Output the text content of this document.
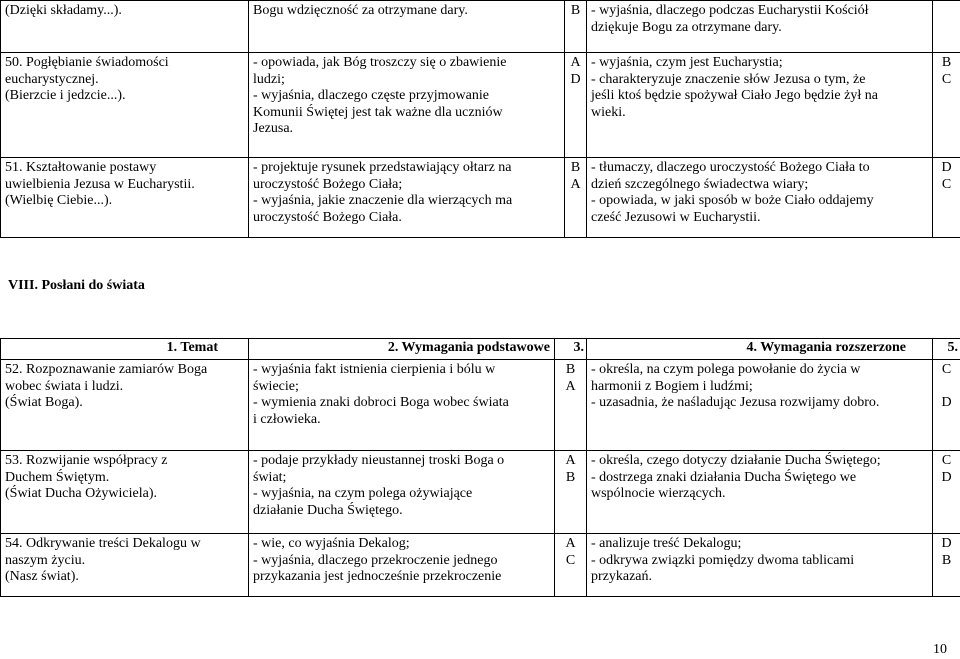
(Dzięki składamy...).	Bogu wdzięczność za otrzymane dary.	B	- wyjaśnia, dlaczego podczas Eucharystii Kościół
dziękuje Bogu za otrzymane dary.	

50. Pogłębianie świadomości
eucharystycznej.
(Bierzcie i jedzcie...).	- opowiada, jak Bóg troszczy się o zbawienie
ludzi;
- wyjaśnia, dlaczego częste przyjmowanie
Komunii Świętej jest tak ważne dla uczniów
Jezusa.	A
D	- wyjaśnia, czym jest Eucharystia;
- charakteryzuje znaczenie słów Jezusa o tym, że
jeśli ktoś będzie spożywał Ciało Jego będzie żył na
wieki.	B
C

51. Kształtowanie postawy
uwielbienia Jezusa w Eucharystii.
(Wielbię Ciebie...).	- projektuje rysunek przedstawiający ołtarz na
uroczystość Bożego Ciała;
- wyjaśnia, jakie znaczenie dla wierzących ma
uroczystość Bożego Ciała.	B
A	- tłumaczy, dlaczego uroczystość Bożego Ciała to
dzień szczególnego świadectwa wiary;
- opowiada, w jaki sposób w boże Ciało oddajemy
cześć Jezusowi w Eucharystii.	D
C
VIII. Posłani do świata
1. Temat	2. Wymagania podstawowe	3.	4. Wymagania rozszerzone	5.

52. Rozpoznawanie zamiarów Boga
wobec świata i ludzi.
(Świat Boga).	- wyjaśnia fakt istnienia cierpienia i bólu w
świecie;
- wymienia znaki dobroci Boga wobec świata
i człowieka.	B
A	- określa, na czym polega powołanie do życia w
harmonii z Bogiem i ludźmi;
- uzasadnia, że naśladując Jezusa rozwijamy dobro.	C

D

53. Rozwijanie współpracy z
Duchem Świętym.
(Świat Ducha Ożywiciela).	- podaje przykłady nieustannej troski Boga o
świat;
- wyjaśnia, na czym polega ożywiające
działanie Ducha Świętego.	A
B	- określa, czego dotyczy działanie Ducha Świętego;
- dostrzega znaki działania Ducha Świętego we
wspólnocie wierzących.	C
D

54. Odkrywanie treści Dekalogu w
naszym życiu.
(Nasz świat).	- wie, co wyjaśnia Dekalog;
- wyjaśnia, dlaczego przekroczenie jednego
przykazania jest jednocześnie przekroczenie	A
C	- analizuje treść Dekalogu;
- odkrywa związki pomiędzy dwoma tablicami
przykazań.	D
B
10
